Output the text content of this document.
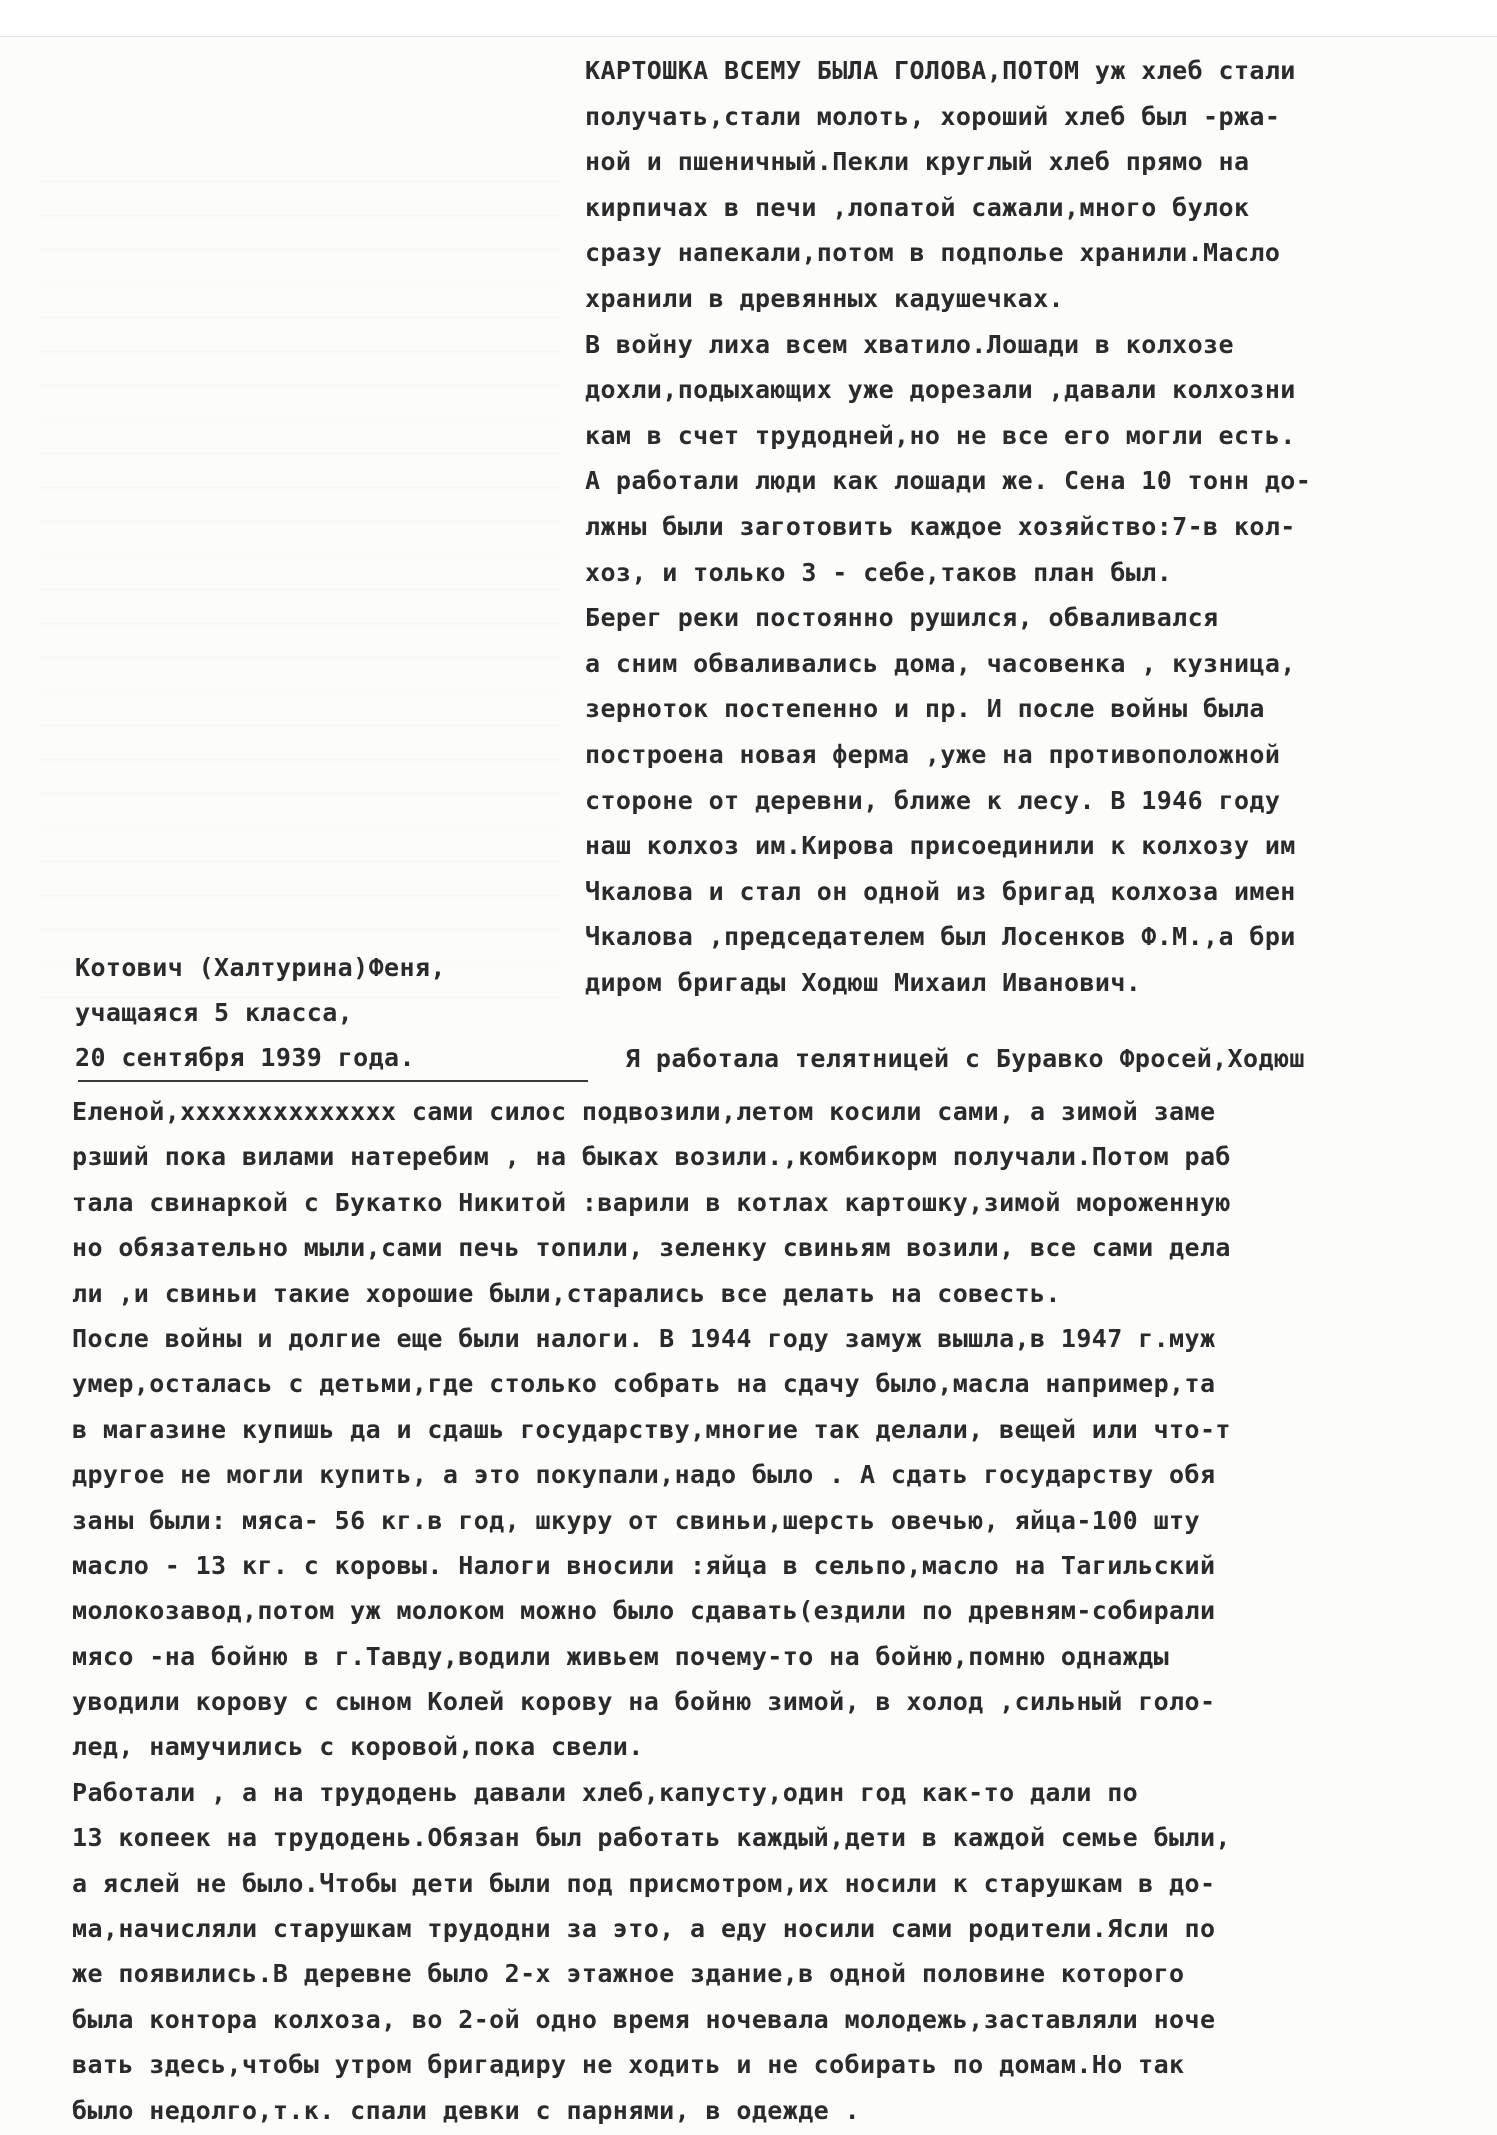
КАРТОШКА ВСЕМУ БЫЛА ГОЛОВА,ПОТОМ уж хлеб стали
получать,стали молоть, хороший хлеб был -ржа-
ной и пшеничный.Пекли круглый хлеб прямо на
кирпичах в печи ,лопатой сажали,много булок
сразу напекали,потом в подполье хранили.Масло
хранили в древянных кадушечках.
В войну лиха всем хватило.Лошади в колхозе
дохли,подыхающих уже дорезали ,давали колхозни
кам в счет трудодней,но не все его могли есть.
А работали люди как лошади же. Сена 10 тонн до-
лжны были заготовить каждое хозяйство:7-в кол-
хоз, и только 3 - себе,таков план был.
Берег реки постоянно рушился, обваливался
а сним обваливались дома, часовенка , кузница,
зерноток постепенно и пр. И после войны была
построена новая ферма ,уже на противоположной
стороне от деревни, ближе к лесу. В 1946 году
наш колхоз им.Кирова присоединили к колхозу им
Чкалова и стал он одной из бригад колхоза имен
Чкалова ,председателем был Лосенков Ф.М.,а бри
диром бригады Ходюш Михаил Иванович.
Котович (Халтурина)Феня,
учащаяся 5 класса,
20 сентября 1939 года.	Я работала телятницей с Буравко Фросей,Ходюш
Еленой,xxxxxxxxxxxxxx сами силос подвозили,летом косили сами, а зимой заме
рзший пока вилами натеребим , на быках возили.,комбикорм получали.Потом раб
тала свинаркой с Букатко Никитой :варили в котлах картошку,зимой мороженную
но обязательно мыли,сами печь топили, зеленку свиньям возили, все сами дела
ли ,и свиньи такие хорошие были,старались все делать на совесть.
После войны и долгие еще были налоги. В 1944 году замуж вышла,в 1947 г.муж
умер,осталась с детьми,где столько собрать на сдачу было,масла например,та
в магазине купишь да и сдашь государству,многие так делали, вещей или что-т
другое не могли купить, а это покупали,надо было . А сдать государству обя
заны были: мяса- 56 кг.в год, шкуру от свиньи,шерсть овечью, яйца-100 шту
масло - 13 кг. с коровы. Налоги вносили :яйца в сельпо,масло на Тагильский
молокозавод,потом уж молоком можно было сдавать(ездили по древням-собирали
мясо -на бойню в г.Тавду,водили живьем почему-то на бойню,помню однажды
уводили корову с сыном Колей корову на бойню зимой, в холод ,сильный голо-
лед, намучились с коровой,пока свели.
Работали , а на трудодень давали хлеб,капусту,один год как-то дали по
13 копеек на трудодень.Обязан был работать каждый,дети в каждой семье были,
а яслей не было.Чтобы дети были под присмотром,их носили к старушкам в до-
ма,начисляли старушкам трудодни за это, а еду носили сами родители.Ясли по
же появились.В деревне было 2-х этажное здание,в одной половине которого
была контора колхоза, во 2-ой одно время ночевала молодежь,заставляли ноче
вать здесь,чтобы утром бригадиру не ходить и не собирать по домам.Но так
было недолго,т.к. спали девки с парнями, в одежде .
